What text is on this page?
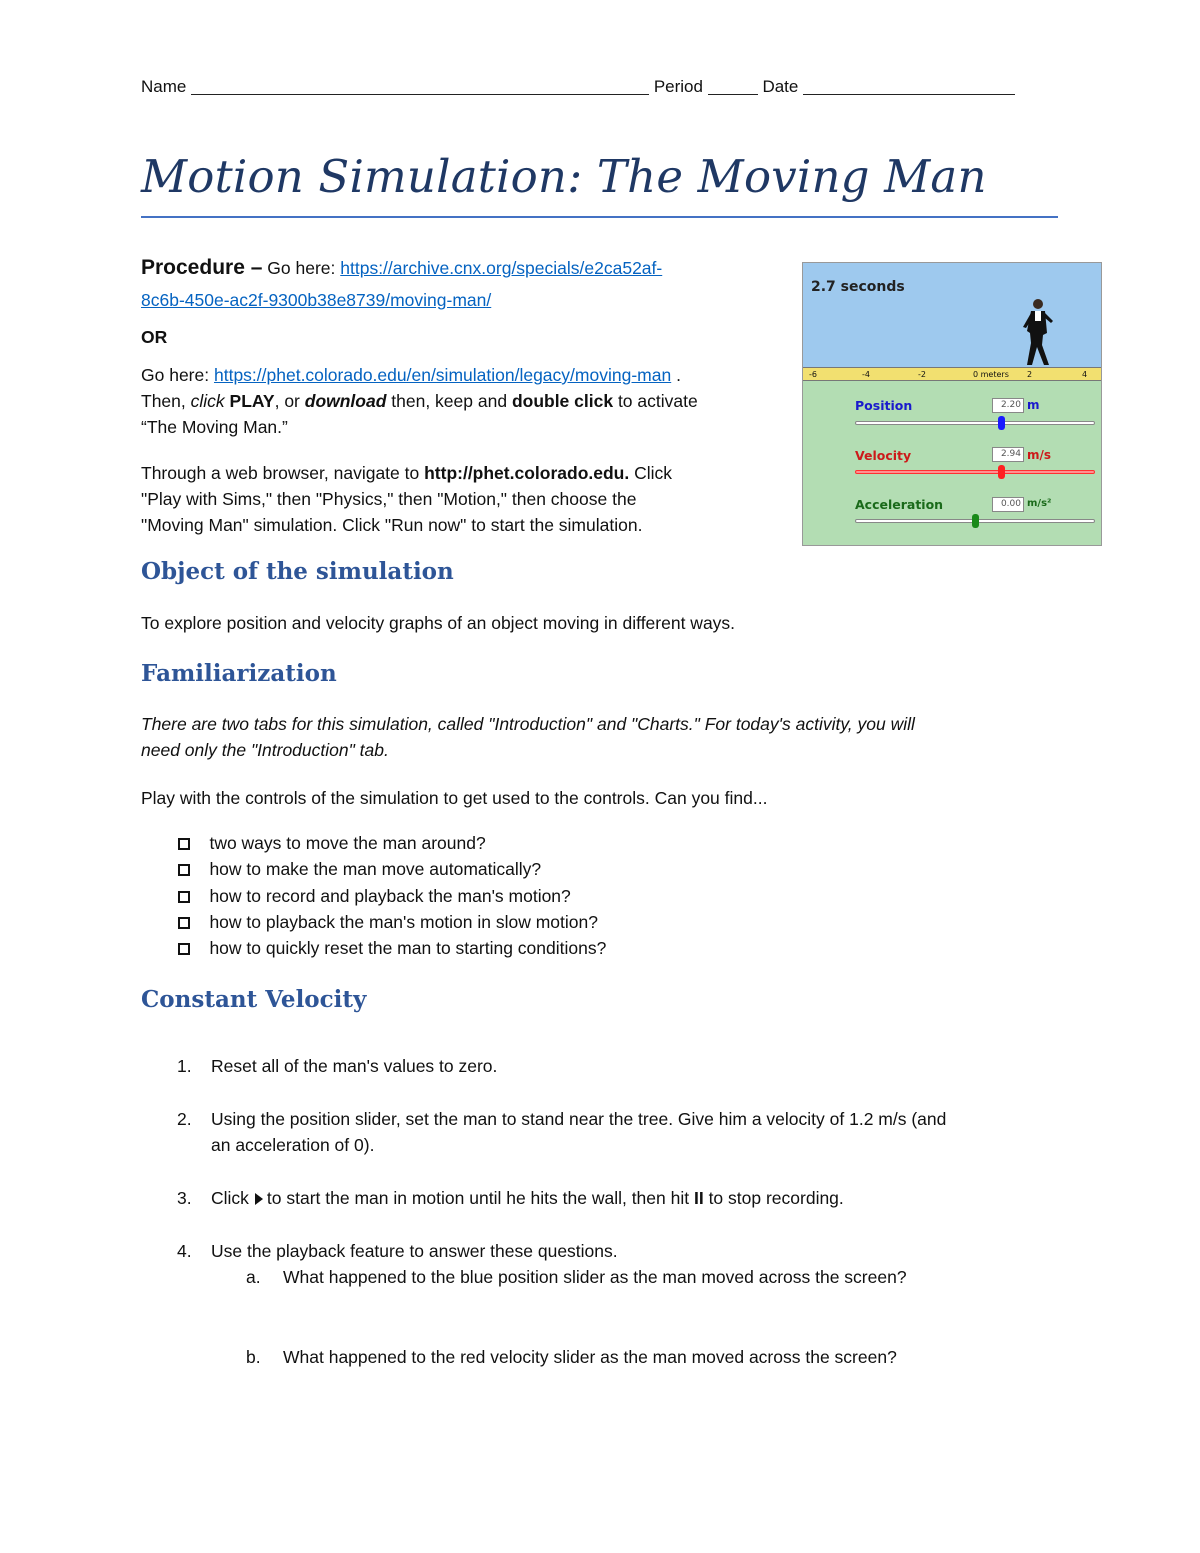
Name	Period	Date
Motion Simulation: The Moving Man
Procedure – Go here: https://archive.cnx.org/specials/e2ca52af-
8c6b-450e-ac2f-9300b38e8739/moving-man/
OR
Go here: https://phet.colorado.edu/en/simulation/legacy/moving-man .
Then, click PLAY, or download then, keep and double click to activate
“The Moving Man.”
Through a web browser, navigate to http://phet.colorado.edu. Click
"Play with Sims," then "Physics," then "Motion," then choose the
"Moving Man" simulation. Click "Run now" to start the simulation.
2.7 seconds
-6	-4	-2	0 meters 2	4
Position	2.20 m
Velocity	2.94 m/s
Acceleration	0.00 m/s²
Object of the simulation
To explore position and velocity graphs of an object moving in different ways.
Familiarization
There are two tabs for this simulation, called "Introduction" and "Charts." For today's activity, you will
need only the "Introduction" tab.
Play with the controls of the simulation to get used to the controls. Can you find...
two ways to move the man around?
how to make the man move automatically?
how to record and playback the man's motion?
how to playback the man's motion in slow motion?
how to quickly reset the man to starting conditions?
Constant Velocity
1. Reset all of the man's values to zero.
2. Using the position slider, set the man to stand near the tree. Give him a velocity of 1.2 m/s (and
an acceleration of 0).
3. Click to start the man in motion until he hits the wall, then hit II to stop recording.
4. Use the playback feature to answer these questions.
a. What happened to the blue position slider as the man moved across the screen?
b. What happened to the red velocity slider as the man moved across the screen?
